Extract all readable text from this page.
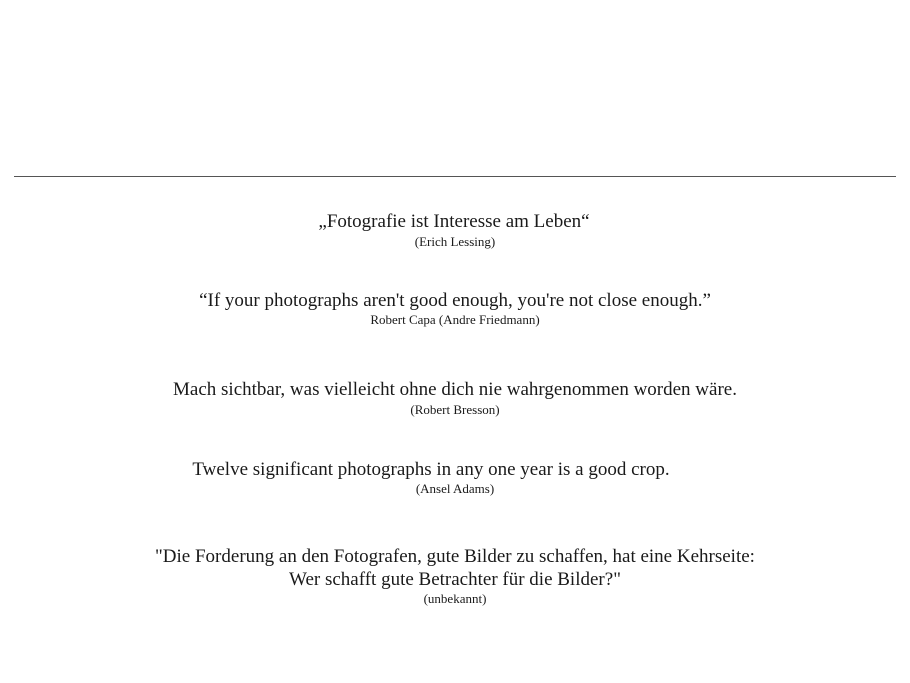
„Fotografie ist Interesse am Leben“
(Erich Lessing)
“If your photographs aren't good enough, you're not close enough.”
Robert Capa (Andre Friedmann)
Mach sichtbar, was vielleicht ohne dich nie wahrgenommen worden wäre.
(Robert Bresson)
Twelve significant photographs in any one year is a good crop.
(Ansel Adams)
"Die Forderung an den Fotografen, gute Bilder zu schaffen, hat eine Kehrseite:
Wer schafft gute Betrachter für die Bilder?"
(unbekannt)
